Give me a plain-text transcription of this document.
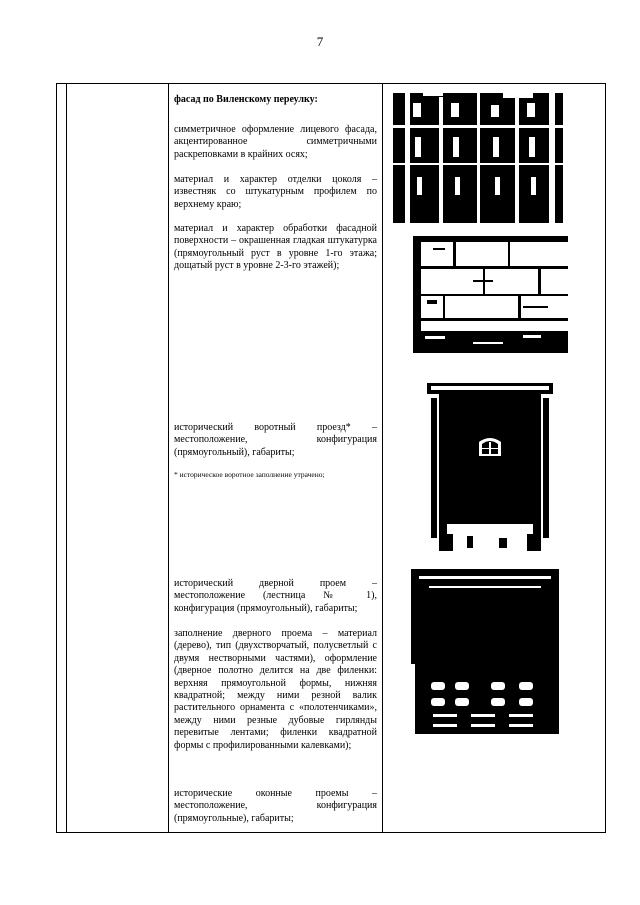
7

фасад по Виленскому переулку:

симметричное оформление лицевого фасада, акцентированное симметричными раскреповками в крайних осях;

материал и характер отделки цоколя – известняк со штукатурным профилем по верхнему краю;

материал и характер обработки фасадной поверхности – окрашенная гладкая штукатурка (прямоугольный руст в уровне 1-го этажа; дощатый руст в уровне 2-3-го этажей);

исторический воротный проезд* – местоположение, конфигурация (прямоугольный), габариты;

* историческое воротное заполнение утрачено;

исторический дверной проем – местоположение (лестница № 1), конфигурация (прямоугольный), габариты;

заполнение дверного проема – материал (дерево), тип (двухстворчатый, полусветлый с двумя нестворными частями), оформление (дверное полотно делится на две филенки: верхняя прямоугольной формы, нижняя квадратной; между ними резной валик растительного орнамента с «полотенчиками», между ними резные дубовые гирлянды перевитые лентами; филенки квадратной формы с профилированными калевками);

исторические оконные проемы – местоположение, конфигурация (прямоугольные), габариты;
